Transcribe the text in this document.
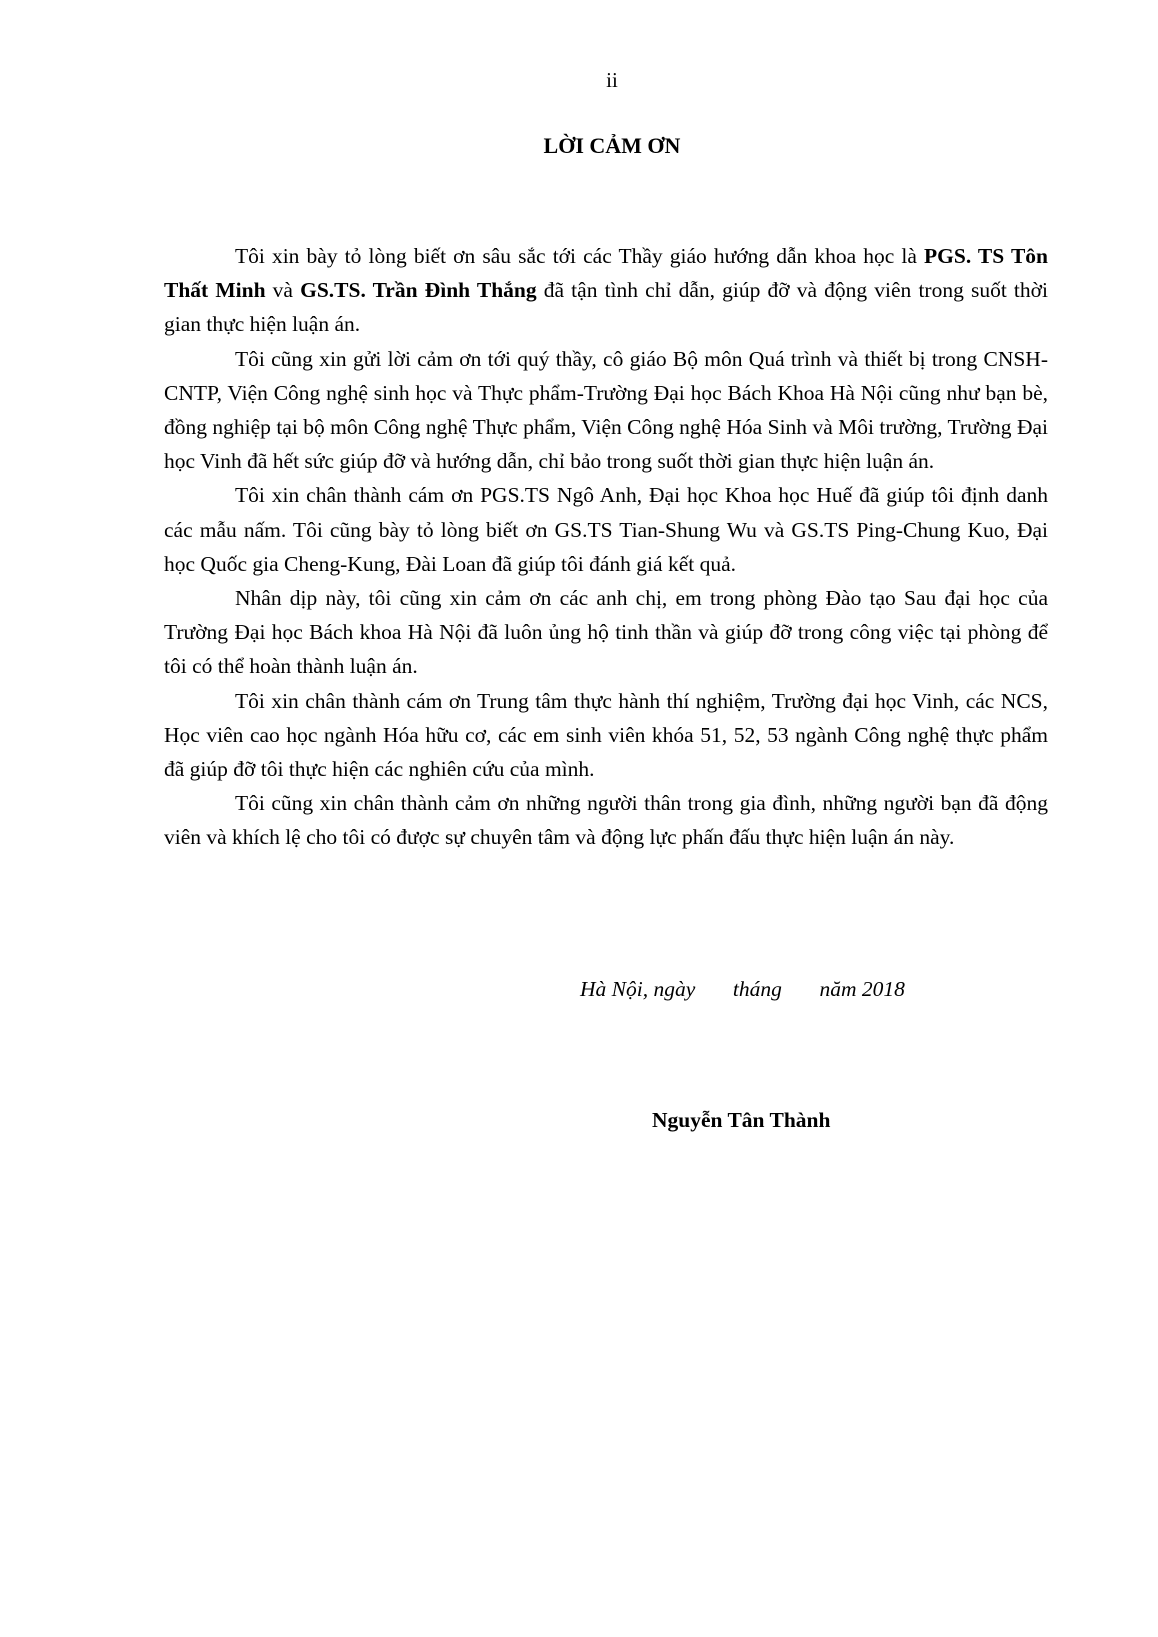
ii
LỜI CẢM ƠN

Tôi xin bày tỏ lòng biết ơn sâu sắc tới các Thầy giáo hướng dẫn khoa học là PGS. TS Tôn Thất Minh và GS.TS. Trần Đình Thắng đã tận tình chỉ dẫn, giúp đỡ và động viên trong suốt thời gian thực hiện luận án.

Tôi cũng xin gửi lời cảm ơn tới quý thầy, cô giáo Bộ môn Quá trình và thiết bị trong CNSH-CNTP, Viện Công nghệ sinh học và Thực phẩm-Trường Đại học Bách Khoa Hà Nội cũng như bạn bè, đồng nghiệp tại bộ môn Công nghệ Thực phẩm, Viện Công nghệ Hóa Sinh và Môi trường, Trường Đại học Vinh đã hết sức giúp đỡ và hướng dẫn, chỉ bảo trong suốt thời gian thực hiện luận án.

Tôi xin chân thành cám ơn PGS.TS Ngô Anh, Đại học Khoa học Huế đã giúp tôi định danh các mẫu nấm. Tôi cũng bày tỏ lòng biết ơn GS.TS Tian-Shung Wu và GS.TS Ping-Chung Kuo, Đại học Quốc gia Cheng-Kung, Đài Loan đã giúp tôi đánh giá kết quả.

Nhân dịp này, tôi cũng xin cảm ơn các anh chị, em trong phòng Đào tạo Sau đại học của Trường Đại học Bách khoa Hà Nội đã luôn ủng hộ tinh thần và giúp đỡ trong công việc tại phòng để tôi có thể hoàn thành luận án.

Tôi xin chân thành cám ơn Trung tâm thực hành thí nghiệm, Trường đại học Vinh, các NCS, Học viên cao học ngành Hóa hữu cơ, các em sinh viên khóa 51, 52, 53 ngành Công nghệ thực phẩm đã giúp đỡ tôi thực hiện các nghiên cứu của mình.

Tôi cũng xin chân thành cảm ơn những người thân trong gia đình, những người bạn đã động viên và khích lệ cho tôi có được sự chuyên tâm và động lực phấn đấu thực hiện luận án này.

Hà Nội, ngày       tháng       năm 2018
Nguyễn Tân Thành
